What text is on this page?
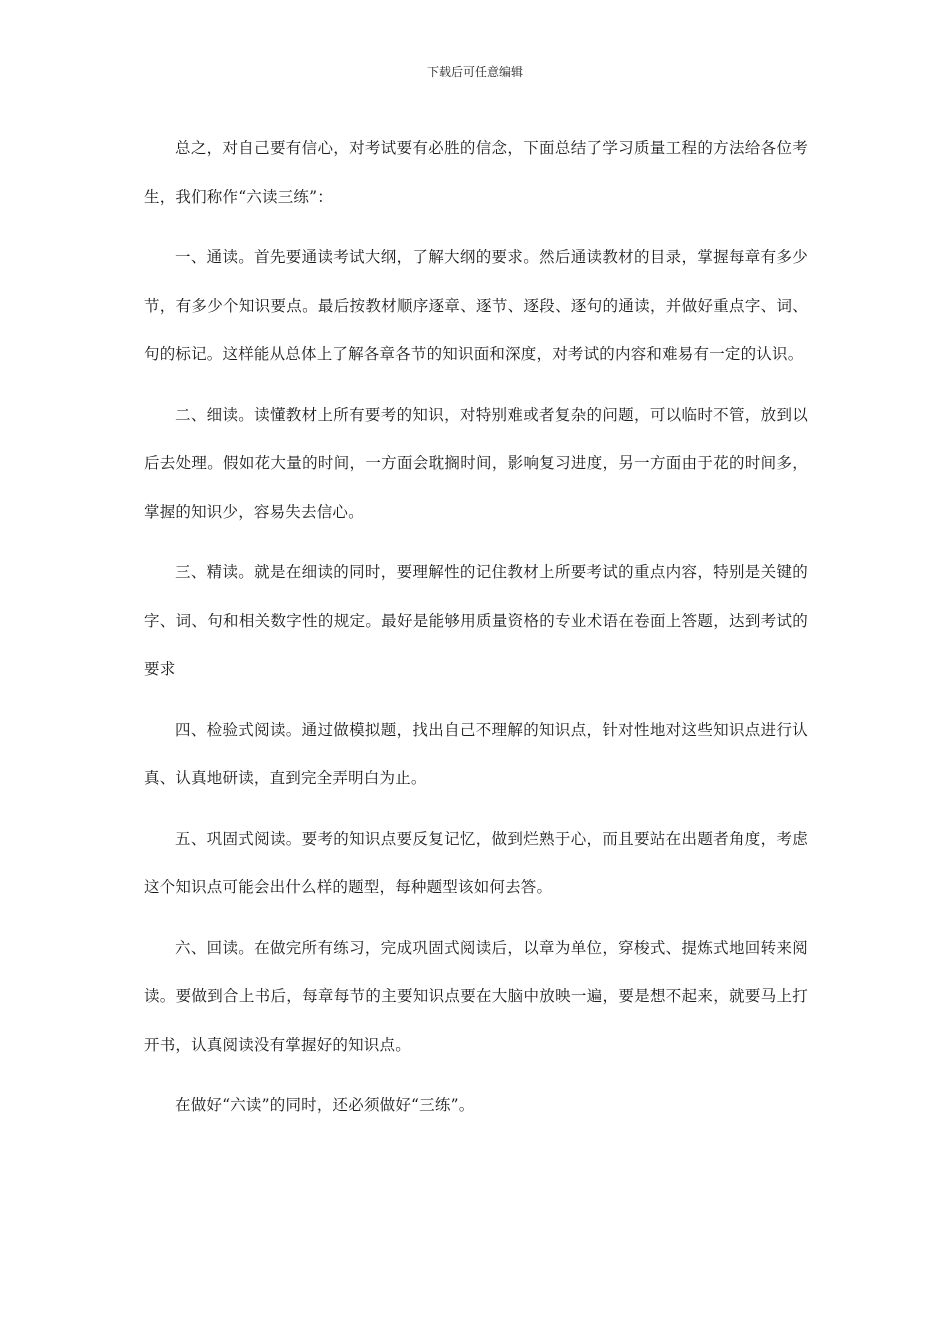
下载后可任意编辑

总之，对自己要有信心，对考试要有必胜的信念，下面总结了学习质量工程的方法给各位考生，我们称作“六读三练”：

一、通读。首先要通读考试大纲，了解大纲的要求。然后通读教材的目录，掌握每章有多少节，有多少个知识要点。最后按教材顺序逐章、逐节、逐段、逐句的通读，并做好重点字、词、句的标记。这样能从总体上了解各章各节的知识面和深度，对考试的内容和难易有一定的认识。

二、细读。读懂教材上所有要考的知识，对特别难或者复杂的问题，可以临时不管，放到以后去处理。假如花大量的时间，一方面会耽搁时间，影响复习进度，另一方面由于花的时间多，掌握的知识少，容易失去信心。

三、精读。就是在细读的同时，要理解性的记住教材上所要考试的重点内容，特别是关键的字、词、句和相关数字性的规定。最好是能够用质量资格的专业术语在卷面上答题，达到考试的要求

四、检验式阅读。通过做模拟题，找出自己不理解的知识点，针对性地对这些知识点进行认真、认真地研读，直到完全弄明白为止。

五、巩固式阅读。要考的知识点要反复记忆，做到烂熟于心，而且要站在出题者角度，考虑这个知识点可能会出什么样的题型，每种题型该如何去答。

六、回读。在做完所有练习，完成巩固式阅读后，以章为单位，穿梭式、提炼式地回转来阅读。要做到合上书后，每章每节的主要知识点要在大脑中放映一遍，要是想不起来，就要马上打开书，认真阅读没有掌握好的知识点。

在做好“六读”的同时，还必须做好“三练”。
